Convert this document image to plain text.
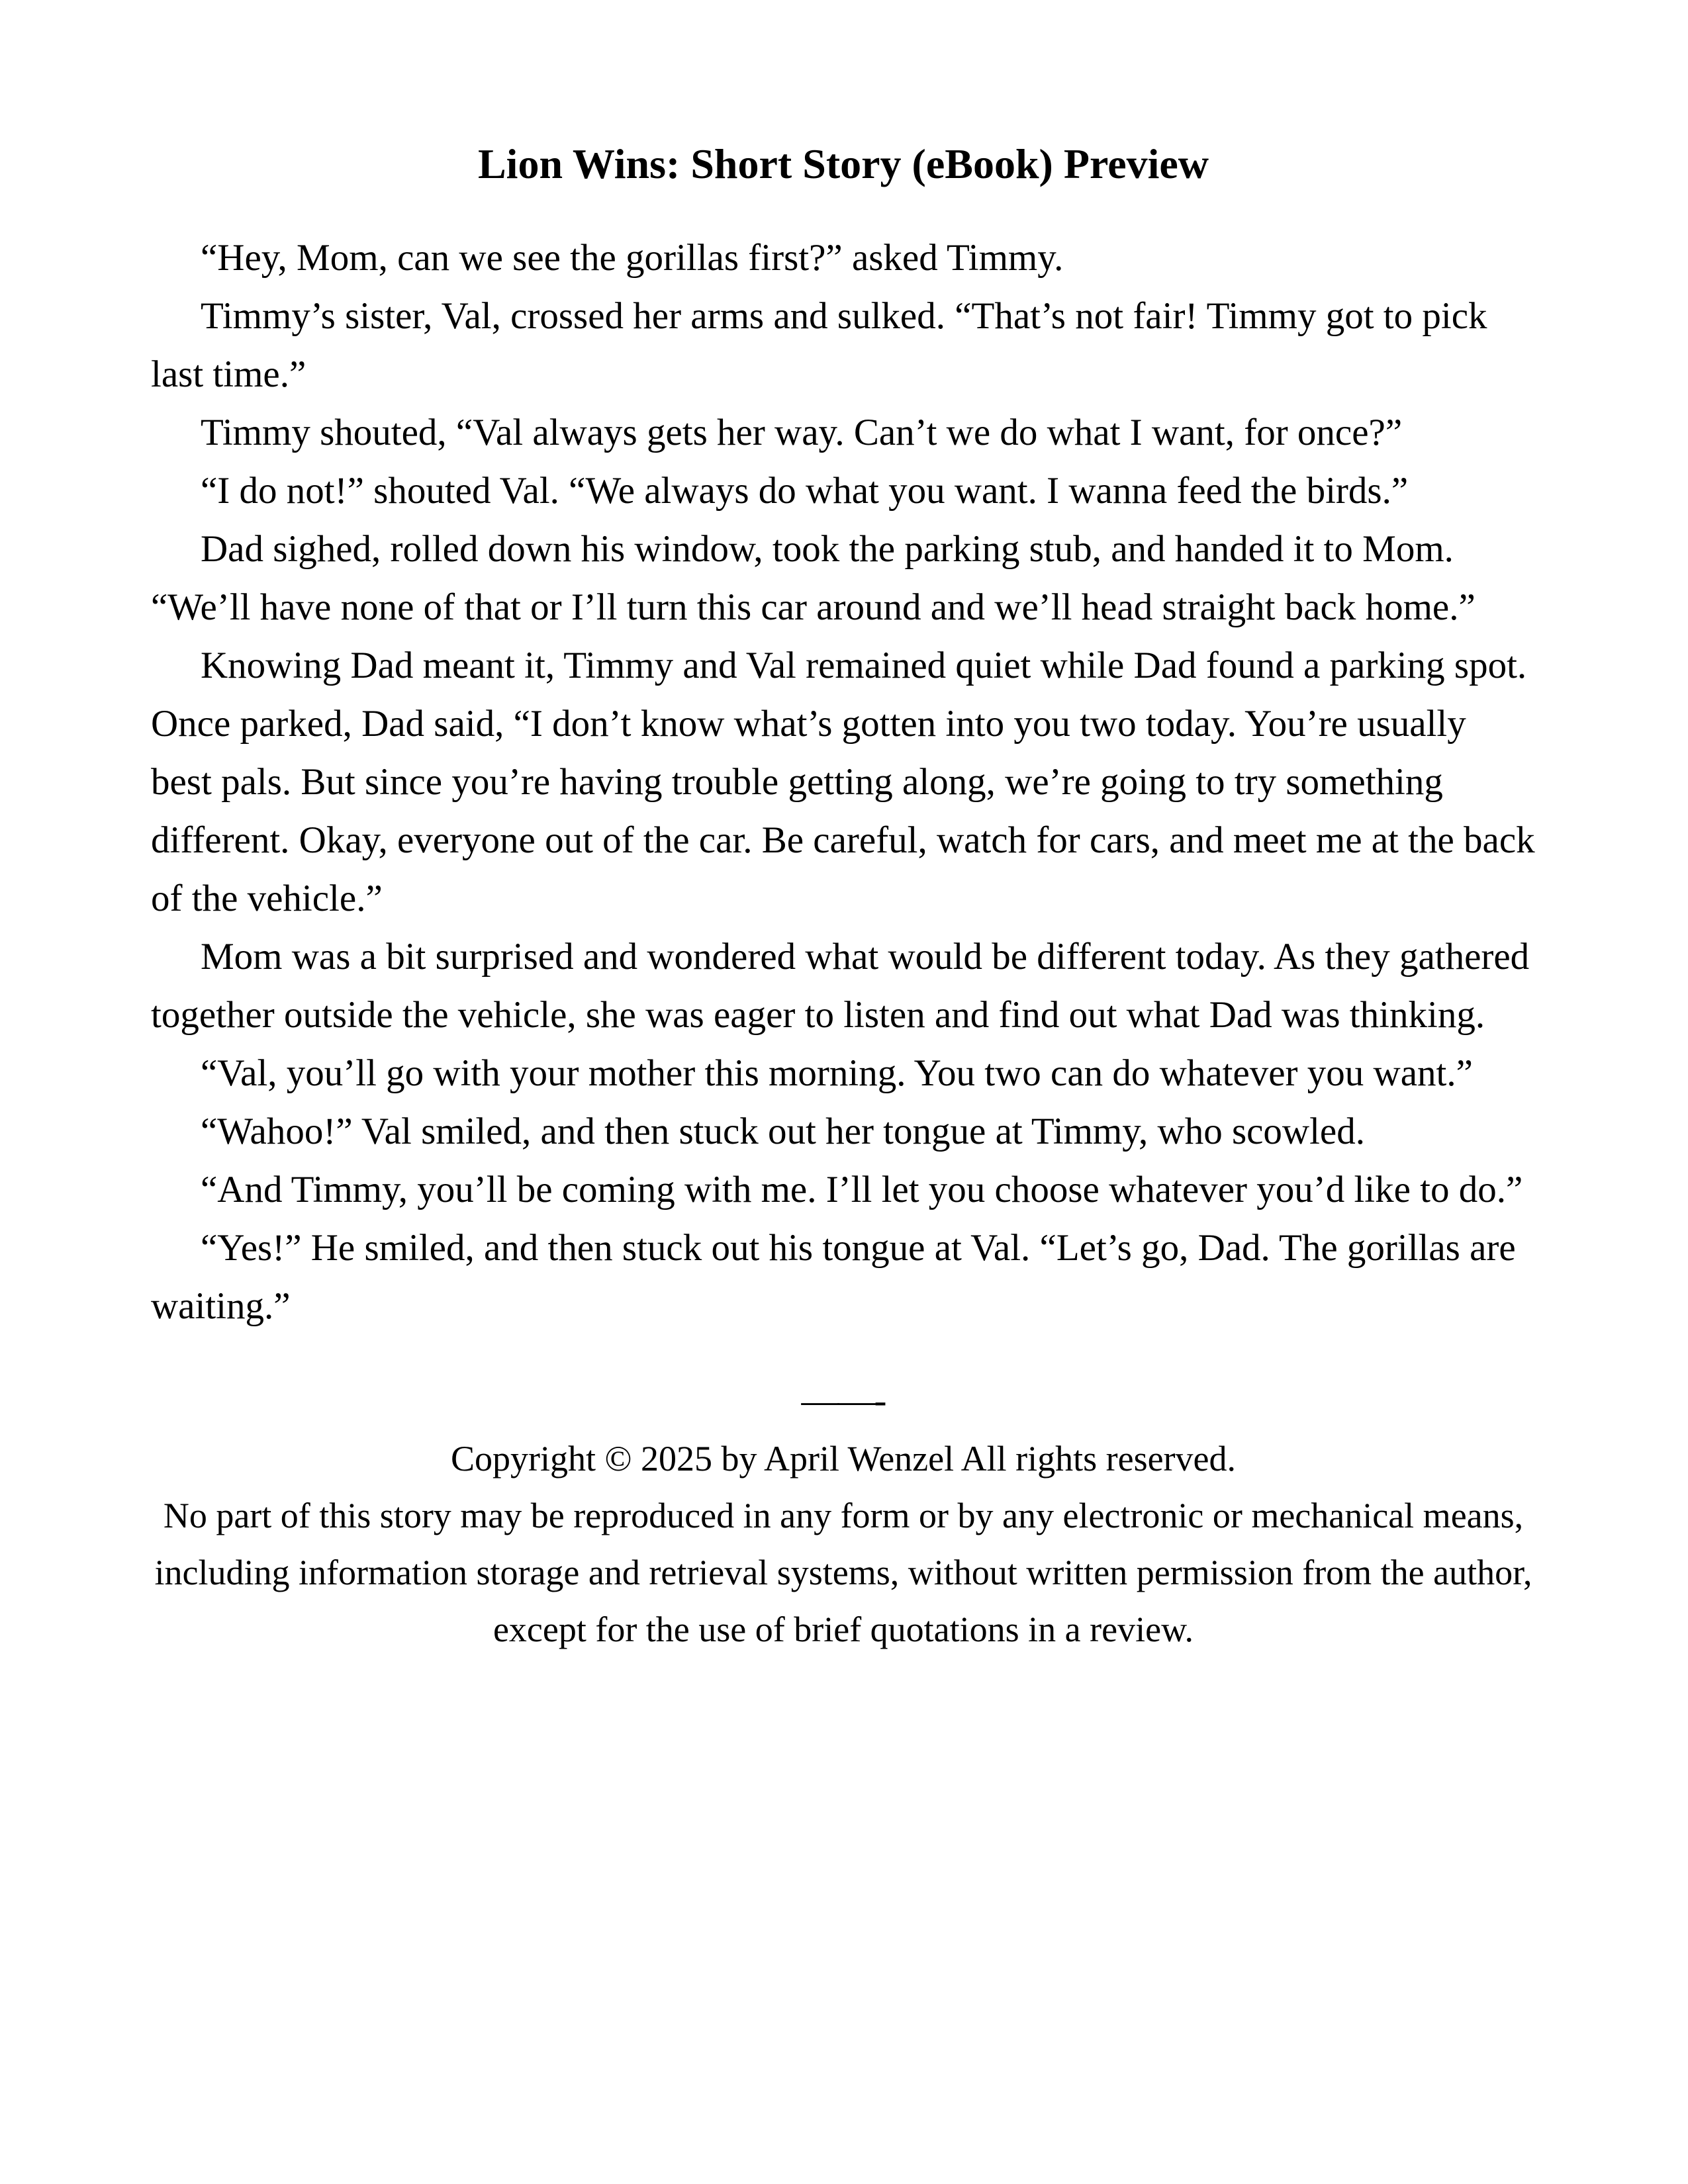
Lion Wins: Short Story (eBook) Preview

“Hey, Mom, can we see the gorillas first?” asked Timmy.

Timmy’s sister, Val, crossed her arms and sulked. “That’s not fair! Timmy got to pick last time.”

Timmy shouted, “Val always gets her way. Can’t we do what I want, for once?”

“I do not!” shouted Val. “We always do what you want. I wanna feed the birds.”

Dad sighed, rolled down his window, took the parking stub, and handed it to Mom. “We’ll have none of that or I’ll turn this car around and we’ll head straight back home.”

Knowing Dad meant it, Timmy and Val remained quiet while Dad found a parking spot. Once parked, Dad said, “I don’t know what’s gotten into you two today. You’re usually best pals. But since you’re having trouble getting along, we’re going to try something different. Okay, everyone out of the car. Be careful, watch for cars, and meet me at the back of the vehicle.”

Mom was a bit surprised and wondered what would be different today. As they gathered together outside the vehicle, she was eager to listen and find out what Dad was thinking.

“Val, you’ll go with your mother this morning. You two can do whatever you want.”

“Wahoo!” Val smiled, and then stuck out her tongue at Timmy, who scowled.

“And Timmy, you’ll be coming with me. I’ll let you choose whatever you’d like to do.”

“Yes!” He smiled, and then stuck out his tongue at Val. “Let’s go, Dad. The gorillas are waiting.”

——-

Copyright © 2025 by April Wenzel All rights reserved.

No part of this story may be reproduced in any form or by any electronic or mechanical means, including information storage and retrieval systems, without written permission from the author, except for the use of brief quotations in a review.
